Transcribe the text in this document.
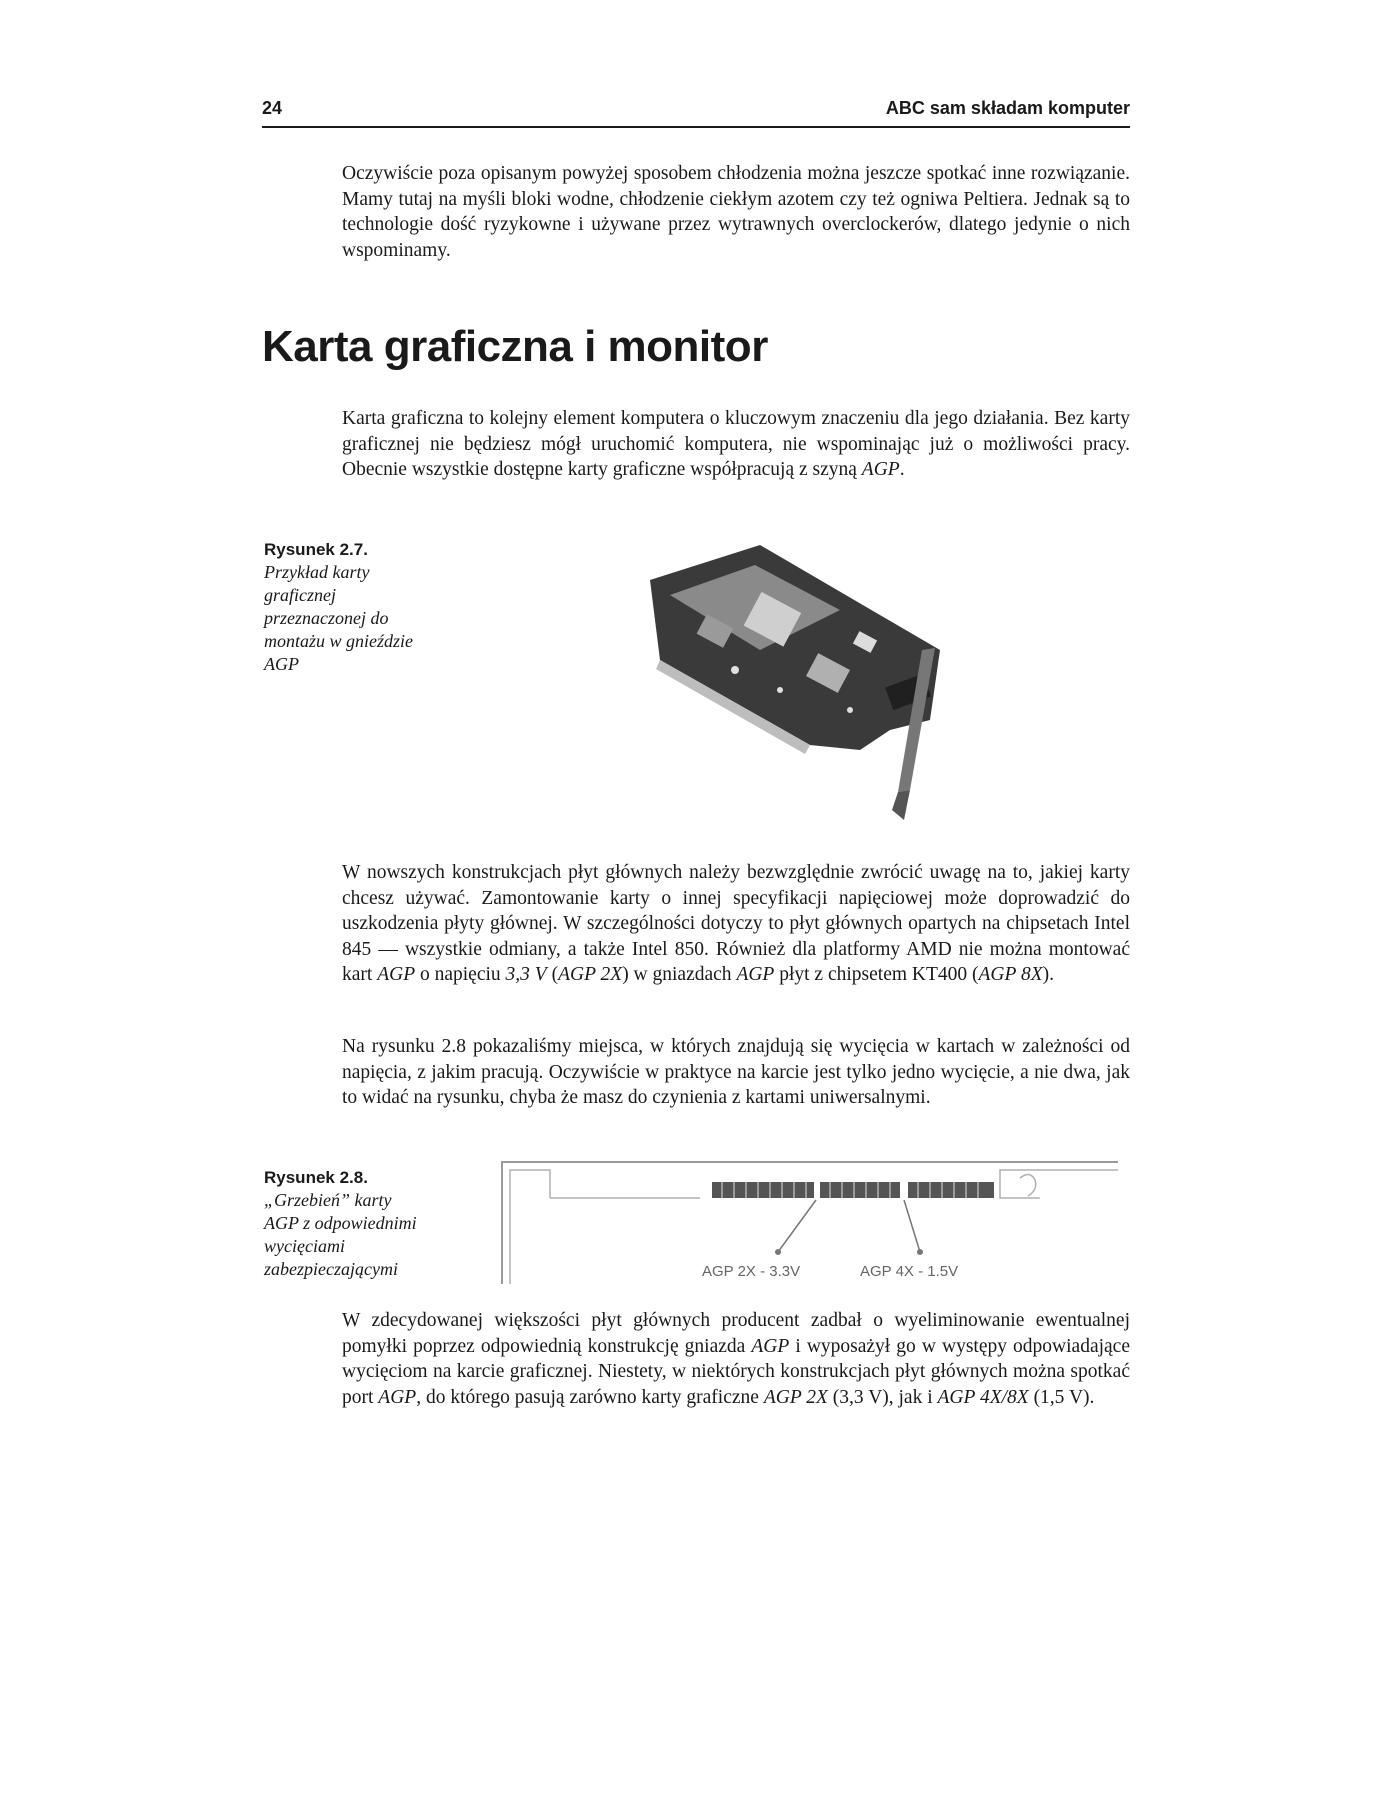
24	ABC sam składam komputer

Oczywiście poza opisanym powyżej sposobem chłodzenia można jeszcze spotkać inne rozwiązanie. Mamy tutaj na myśli bloki wodne, chłodzenie ciekłym azotem czy też ogniwa Peltiera. Jednak są to technologie dość ryzykowne i używane przez wytrawnych overclockerów, dlatego jedynie o nich wspominamy.

Karta graficzna i monitor

Karta graficzna to kolejny element komputera o kluczowym znaczeniu dla jego działania. Bez karty graficznej nie będziesz mógł uruchomić komputera, nie wspominając już o możliwości pracy. Obecnie wszystkie dostępne karty graficzne współpracują z szyną AGP.

Rysunek 2.7.
Przykład karty graficznej przeznaczonej do montażu w gnieździe AGP

W nowszych konstrukcjach płyt głównych należy bezwzględnie zwrócić uwagę na to, jakiej karty chcesz używać. Zamontowanie karty o innej specyfikacji napięciowej może doprowadzić do uszkodzenia płyty głównej. W szczególności dotyczy to płyt głównych opartych na chipsetach Intel 845 — wszystkie odmiany, a także Intel 850. Również dla platformy AMD nie można montować kart AGP o napięciu 3,3 V (AGP 2X) w gniazdach AGP płyt z chipsetem KT400 (AGP 8X).

Na rysunku 2.8 pokazaliśmy miejsca, w których znajdują się wycięcia w kartach w zależności od napięcia, z jakim pracują. Oczywiście w praktyce na karcie jest tylko jedno wycięcie, a nie dwa, jak to widać na rysunku, chyba że masz do czynienia z kartami uniwersalnymi.

Rysunek 2.8.
„Grzebień” karty AGP z odpowiednimi wycięciami zabezpieczającymi	AGP 2X - 3.3V	AGP 4X - 1.5V

W zdecydowanej większości płyt głównych producent zadbał o wyeliminowanie ewentualnej pomyłki poprzez odpowiednią konstrukcję gniazda AGP i wyposażył go w występy odpowiadające wycięciom na karcie graficznej. Niestety, w niektórych konstrukcjach płyt głównych można spotkać port AGP, do którego pasują zarówno karty graficzne AGP 2X (3,3 V), jak i AGP 4X/8X (1,5 V).
